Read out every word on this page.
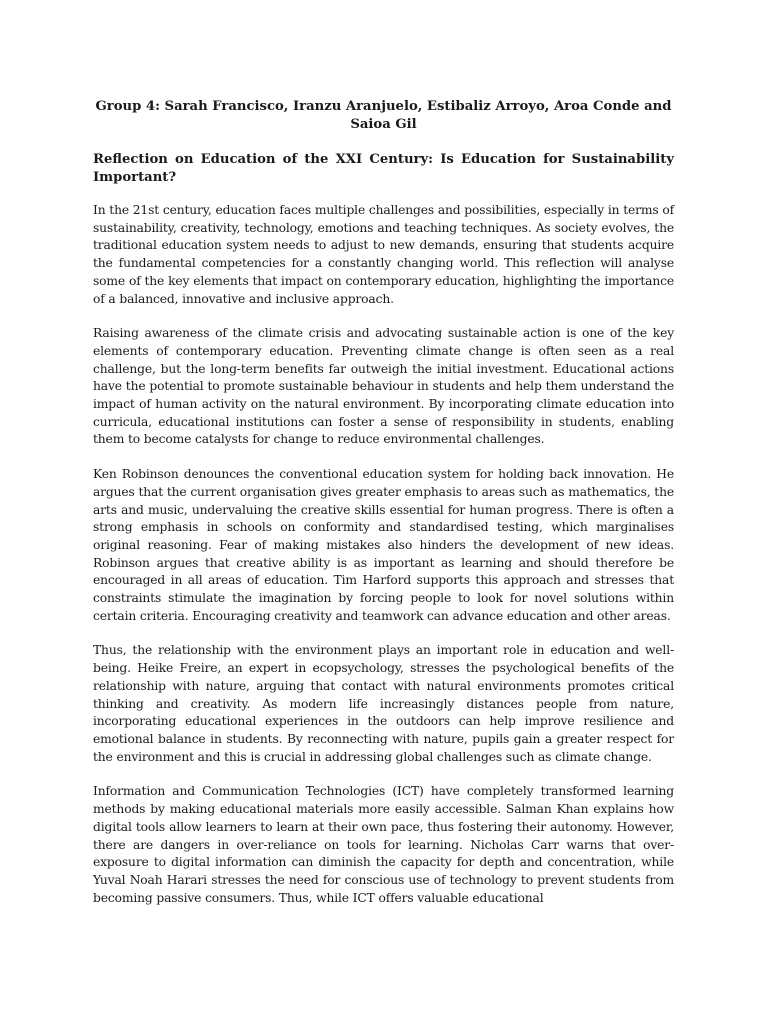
Group 4: Sarah Francisco, Iranzu Aranjuelo, Estibaliz Arroyo, Aroa Conde and Saioa Gil
Reflection on Education of the XXI Century: Is Education for Sustainability Important?

In the 21st century, education faces multiple challenges and possibilities, especially in terms of sustainability, creativity, technology, emotions and teaching techniques. As society evolves, the traditional education system needs to adjust to new demands, ensuring that students acquire the fundamental competencies for a constantly changing world. This reflection will analyse some of the key elements that impact on contemporary education, highlighting the importance of a balanced, innovative and inclusive approach.

Raising awareness of the climate crisis and advocating sustainable action is one of the key elements of contemporary education. Preventing climate change is often seen as a real challenge, but the long-term benefits far outweigh the initial investment. Educational actions have the potential to promote sustainable behaviour in students and help them understand the impact of human activity on the natural environment. By incorporating climate education into curricula, educational institutions can foster a sense of responsibility in students, enabling them to become catalysts for change to reduce environmental challenges.

Ken Robinson denounces the conventional education system for holding back innovation. He argues that the current organisation gives greater emphasis to areas such as mathematics, the arts and music, undervaluing the creative skills essential for human progress. There is often a strong emphasis in schools on conformity and standardised testing, which marginalises original reasoning. Fear of making mistakes also hinders the development of new ideas. Robinson argues that creative ability is as important as learning and should therefore be encouraged in all areas of education. Tim Harford supports this approach and stresses that constraints stimulate the imagination by forcing people to look for novel solutions within certain criteria. Encouraging creativity and teamwork can advance education and other areas.

Thus, the relationship with the environment plays an important role in education and well-being. Heike Freire, an expert in ecopsychology, stresses the psychological benefits of the relationship with nature, arguing that contact with natural environments promotes critical thinking and creativity. As modern life increasingly distances people from nature, incorporating educational experiences in the outdoors can help improve resilience and emotional balance in students. By reconnecting with nature, pupils gain a greater respect for the environment and this is crucial in addressing global challenges such as climate change.

Information and Communication Technologies (ICT) have completely transformed learning methods by making educational materials more easily accessible. Salman Khan explains how digital tools allow learners to learn at their own pace, thus fostering their autonomy. However, there are dangers in over-reliance on tools for learning. Nicholas Carr warns that over-exposure to digital information can diminish the capacity for depth and concentration, while Yuval Noah Harari stresses the need for conscious use of technology to prevent students from becoming passive consumers. Thus, while ICT offers valuable educational
